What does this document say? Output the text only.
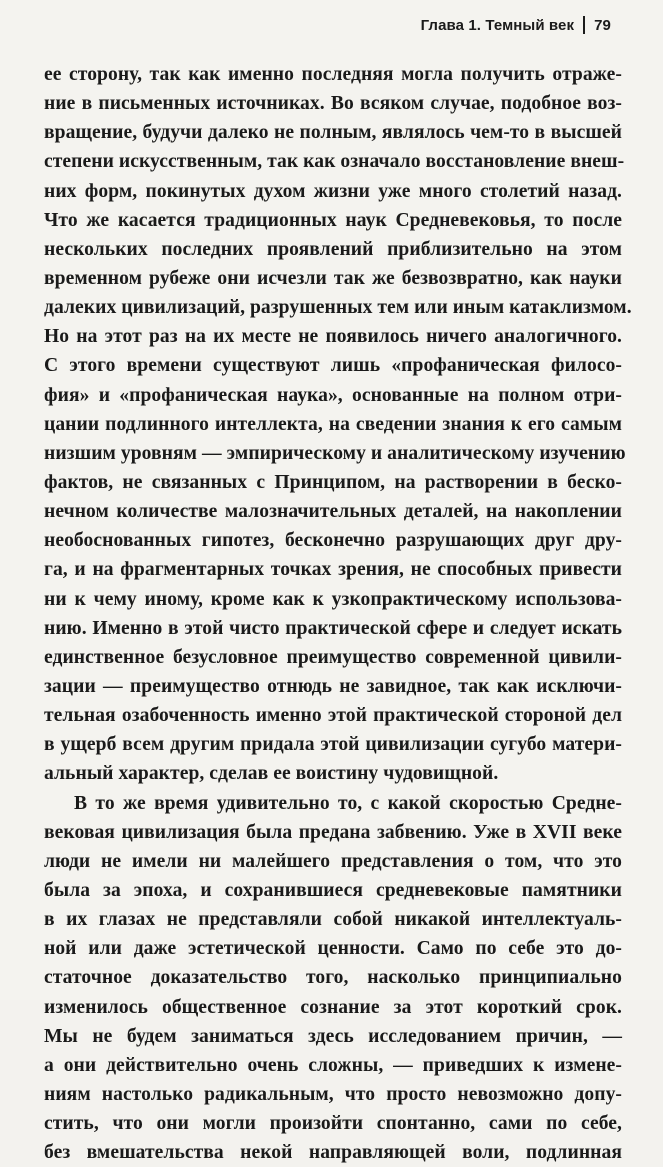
Глава 1. Темный век 79
ее сторону, так как именно последняя могла получить отраже-
ние в письменных источниках. Во всяком случае, подобное воз-
вращение, будучи далеко не полным, являлось чем-то в высшей
степени искусственным, так как означало восстановление внеш-
них форм, покинутых духом жизни уже много столетий назад.
Что же касается традиционных наук Средневековья, то после
нескольких последних проявлений приблизительно на этом
временном рубеже они исчезли так же безвозвратно, как науки
далеких цивилизаций, разрушенных тем или иным катаклизмом.
Но на этот раз на их месте не появилось ничего аналогичного.
С этого времени существуют лишь «профаническая филосо-
фия» и «профаническая наука», основанные на полном отри-
цании подлинного интеллекта, на сведении знания к его самым
низшим уровням — эмпирическому и аналитическому изучению
фактов, не связанных с Принципом, на растворении в беско-
нечном количестве малозначительных деталей, на накоплении
необоснованных гипотез, бесконечно разрушающих друг дру-
га, и на фрагментарных точках зрения, не способных привести
ни к чему иному, кроме как к узкопрактическому использова-
нию. Именно в этой чисто практической сфере и следует искать
единственное безусловное преимущество современной цивили-
зации — преимущество отнюдь не завидное, так как исключи-
тельная озабоченность именно этой практической стороной дел
в ущерб всем другим придала этой цивилизации сугубо матери-
альный характер, сделав ее воистину чудовищной.
В то же время удивительно то, с какой скоростью Средне-
вековая цивилизация была предана забвению. Уже в XVII веке
люди не имели ни малейшего представления о том, что это
была за эпоха, и сохранившиеся средневековые памятники
в их глазах не представляли собой никакой интеллектуаль-
ной или даже эстетической ценности. Само по себе это до-
статочное доказательство того, насколько принципиально
изменилось общественное сознание за этот короткий срок.
Мы не будем заниматься здесь исследованием причин, —
а они действительно очень сложны, — приведших к измене-
ниям настолько радикальным, что просто невозможно допу-
стить, что они могли произойти спонтанно, сами по себе,
без вмешательства некой направляющей воли, подлинная
